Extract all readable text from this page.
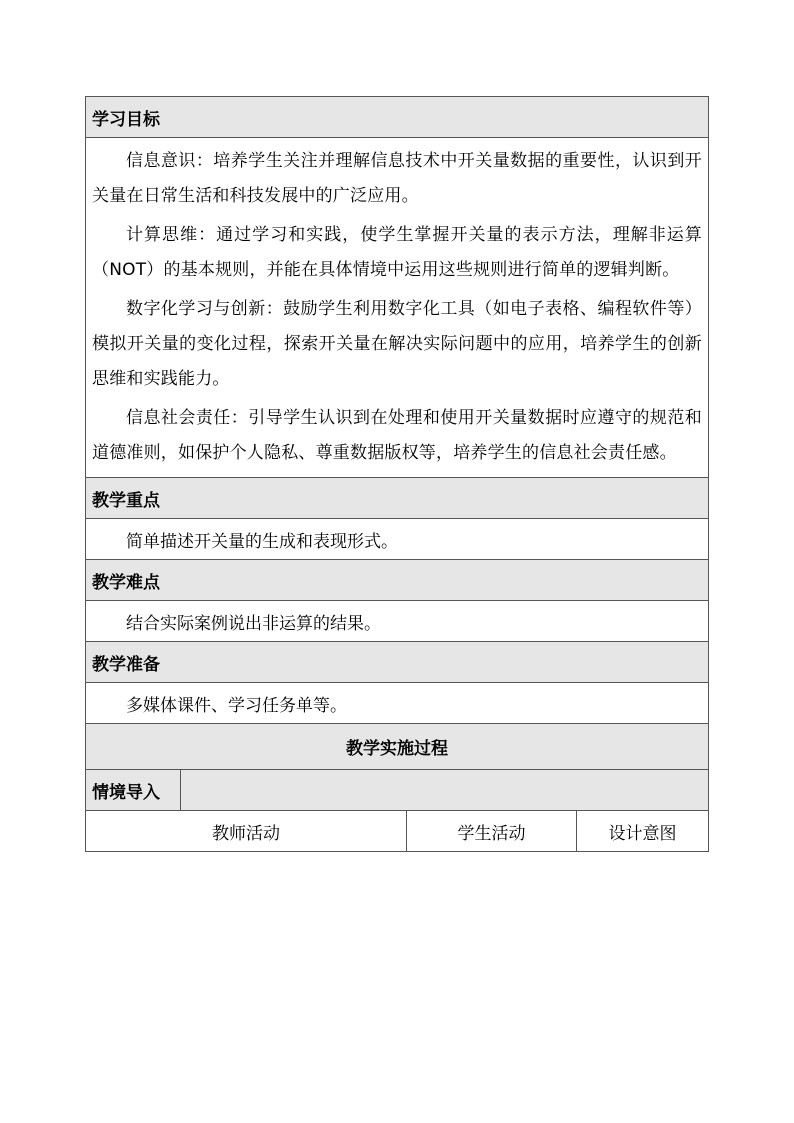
学习目标			

信息意识：培养学生关注并理解信息技术中开关量数据的重要性，认识到开关量在日常生活和科技发展中的广泛应用。

计算思维：通过学习和实践，使学生掌握开关量的表示方法，理解非运算（NOT）的基本规则，并能在具体情境中运用这些规则进行简单的逻辑判断。

数字化学习与创新：鼓励学生利用数字化工具（如电子表格、编程软件等）模拟开关量的变化过程，探索开关量在解决实际问题中的应用，培养学生的创新思维和实践能力。

信息社会责任：引导学生认识到在处理和使用开关量数据时应遵守的规范和道德准则，如保护个人隐私、尊重数据版权等，培养学生的信息社会责任感。			

教学重点			
简单描述开关量的生成和表现形式。			
教学难点			
结合实际案例说出非运算的结果。			
教学准备			
多媒体课件、学习任务单等。			
教学实施过程			
情境导入			
教师活动		学生活动	设计意图
